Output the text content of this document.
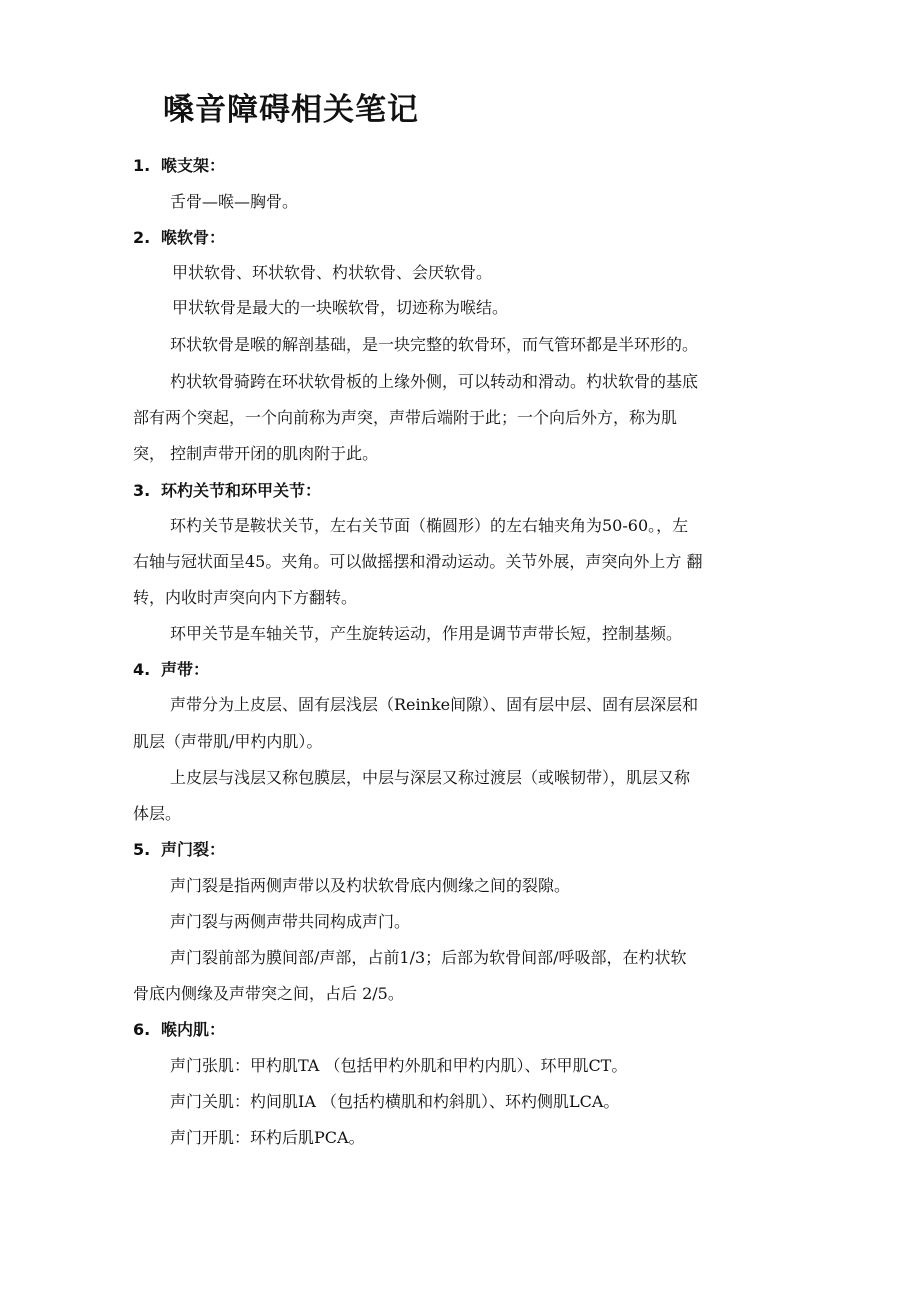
嗓音障碍相关笔记
1. 喉支架：
舌骨—喉—胸骨。
2. 喉软骨：
甲状软骨、环状软骨、杓状软骨、会厌软骨。
甲状软骨是最大的一块喉软骨，切迹称为喉结。
环状软骨是喉的解剖基础，是一块完整的软骨环，而气管环都是半环形的。
杓状软骨骑跨在环状软骨板的上缘外侧，可以转动和滑动。杓状软骨的基底
部有两个突起，一个向前称为声突，声带后端附于此；一个向后外方，称为肌
突， 控制声带开闭的肌肉附于此。
3. 环杓关节和环甲关节：
环杓关节是鞍状关节，左右关节面（椭圆形）的左右轴夹角为50-60。，左
右轴与冠状面呈45。夹角。可以做摇摆和滑动运动。关节外展，声突向外上方 翻
转，内收时声突向内下方翻转。
环甲关节是车轴关节，产生旋转运动，作用是调节声带长短，控制基频。
4. 声带：
声带分为上皮层、固有层浅层（Reinke间隙）、固有层中层、固有层深层和
肌层（声带肌/甲杓内肌）。
上皮层与浅层又称包膜层，中层与深层又称过渡层（或喉韧带），肌层又称
体层。
5. 声门裂：
声门裂是指两侧声带以及杓状软骨底内侧缘之间的裂隙。
声门裂与两侧声带共同构成声门。
声门裂前部为膜间部/声部，占前1/3；后部为软骨间部/呼吸部，在杓状软
骨底内侧缘及声带突之间，占后 2/5。
6. 喉内肌：
声门张肌：甲杓肌TA （包括甲杓外肌和甲杓内肌）、环甲肌CT。
声门关肌：杓间肌IA （包括杓横肌和杓斜肌）、环杓侧肌LCA。
声门开肌：环杓后肌PCA。
